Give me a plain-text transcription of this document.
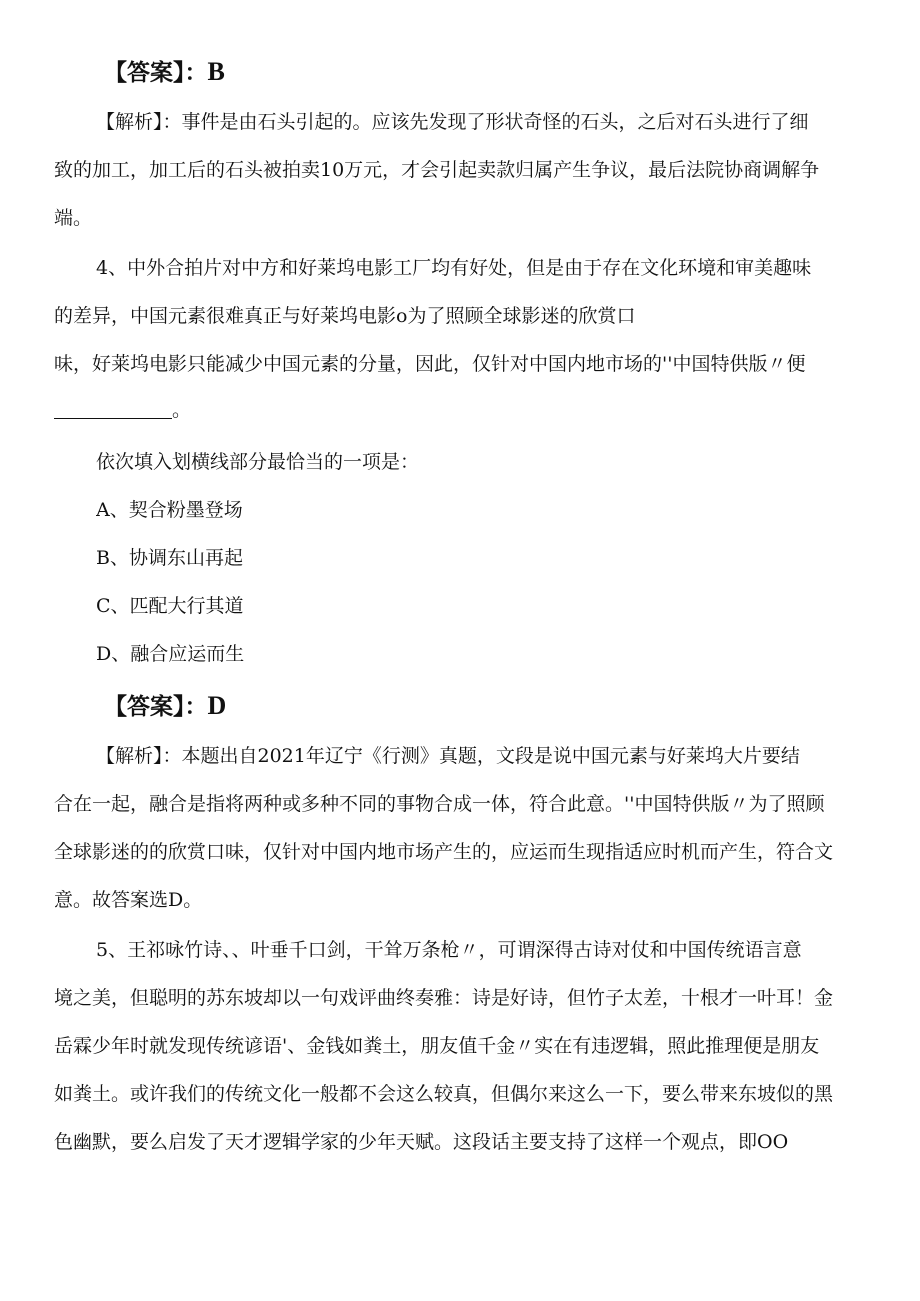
【答案】：B
【解析】：事件是由石头引起的。应该先发现了形状奇怪的石头，之后对石头进行了细
致的加工，加工后的石头被拍卖10万元，才会引起卖款归属产生争议，最后法院协商调解争
端。
4、中外合拍片对中方和好莱坞电影工厂均有好处，但是由于存在文化环境和审美趣味
的差异，中国元素很难真正与好莱坞电影o为了照顾全球影迷的欣赏口
味，好莱坞电影只能减少中国元素的分量，因此，仅针对中国内地市场的''中国特供版〃便
。
依次填入划横线部分最恰当的一项是：
A、契合粉墨登场
B、协调东山再起
C、匹配大行其道
D、融合应运而生
【答案】：D
【解析】：本题出自2021年辽宁《行测》真题，文段是说中国元素与好莱坞大片要结
合在一起，融合是指将两种或多种不同的事物合成一体，符合此意。''中国特供版〃为了照顾
全球影迷的的欣赏口味，仅针对中国内地市场产生的，应运而生现指适应时机而产生，符合文
意。故答案选D。
5、王祁咏竹诗、、叶垂千口剑，干耸万条枪〃，可谓深得古诗对仗和中国传统语言意
境之美，但聪明的苏东坡却以一句戏评曲终奏雅：诗是好诗，但竹子太差，十根才一叶耳！金
岳霖少年时就发现传统谚语'、金钱如粪土，朋友值千金〃实在有违逻辑，照此推理便是朋友
如粪土。或许我们的传统文化一般都不会这么较真，但偶尔来这么一下，要么带来东坡似的黑
色幽默，要么启发了天才逻辑学家的少年天赋。这段话主要支持了这样一个观点，即OO
